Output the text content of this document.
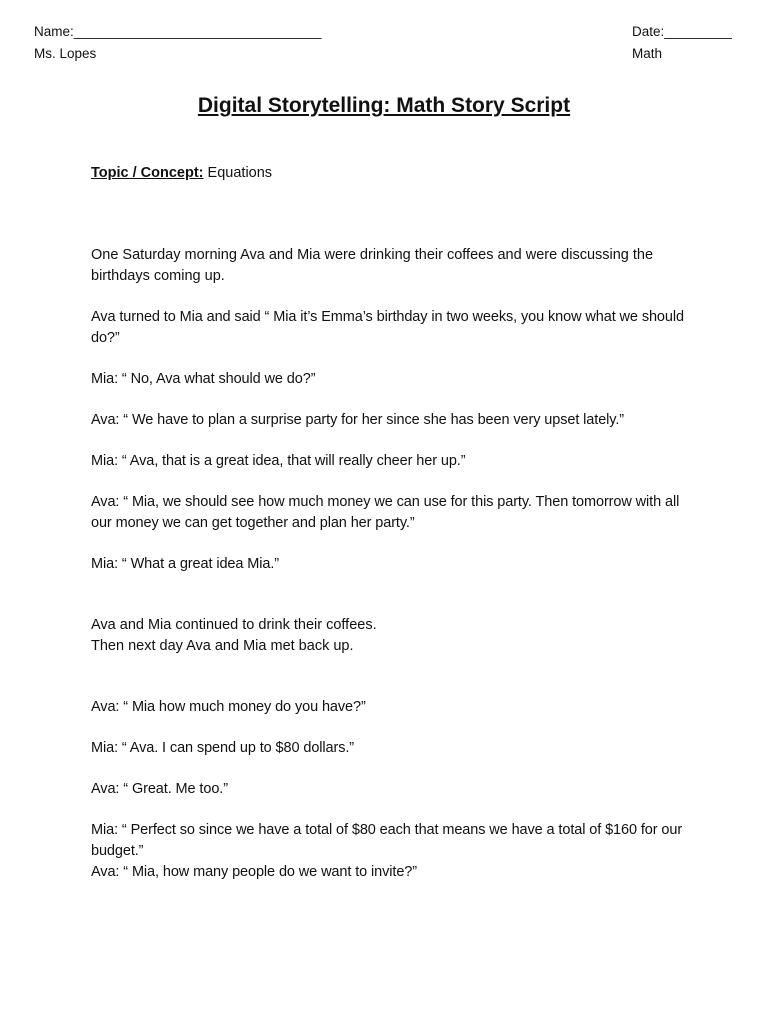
Name:_________________________________
Ms. Lopes
Date:_________
Math
Digital Storytelling: Math Story Script
Topic / Concept: Equations

One Saturday morning Ava and Mia were drinking their coffees and were discussing the birthdays coming up.

Ava turned to Mia and said “ Mia it’s Emma’s birthday in two weeks, you know what we should do?”

Mia: “ No, Ava what should we do?”

Ava: “ We have to plan a surprise party for her since she has been very upset lately.”

Mia: “ Ava, that is a great idea, that will really cheer her up.”

Ava: “ Mia, we should see how much money we can use for this party. Then tomorrow with all our money we can get together and plan her party.”

Mia: “ What a great idea Mia.”

Ava and Mia continued to drink their coffees.

Then next day Ava and Mia met back up.

Ava: “ Mia how much money do you have?”

Mia: “ Ava. I can spend up to $80 dollars.”

Ava: “ Great. Me too.”

Mia: “ Perfect so since we have a total of $80 each that means we have a total of $160 for our budget.”

Ava: “ Mia, how many people do we want to invite?”
